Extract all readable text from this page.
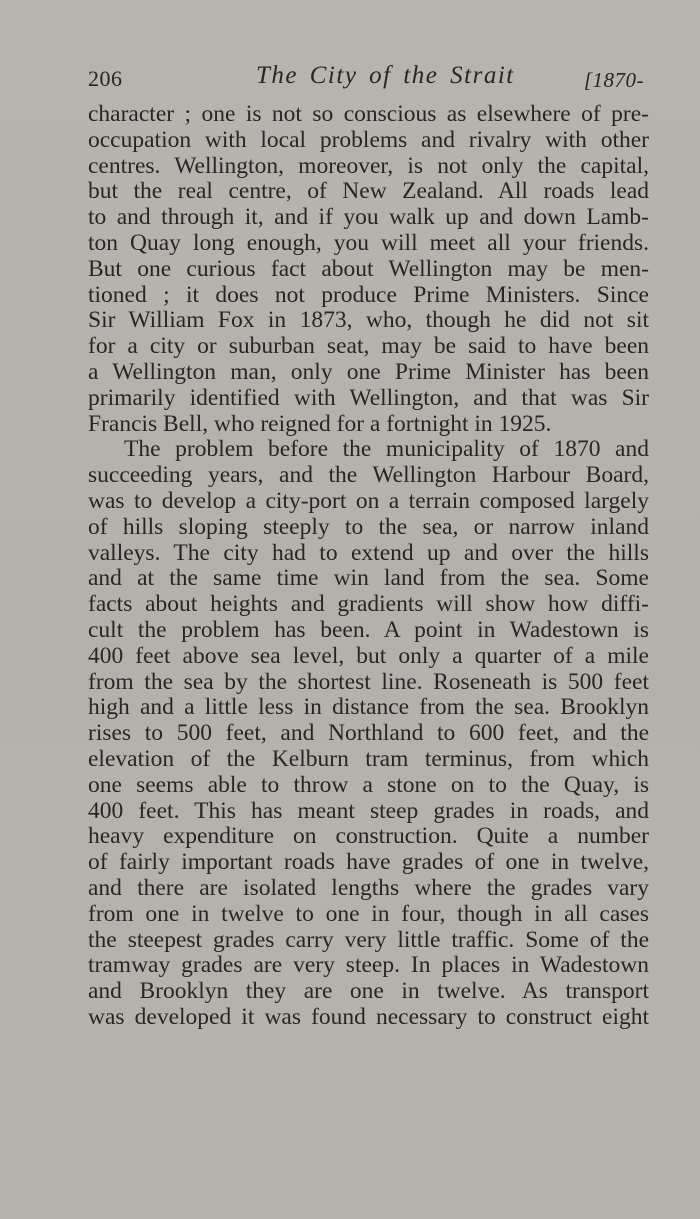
206	The City of the Strait	[1870-
character ; one is not so conscious as elsewhere of pre-
occupation with local problems and rivalry with other
centres. Wellington, moreover, is not only the capital,
but the real centre, of New Zealand. All roads lead
to and through it, and if you walk up and down Lamb-
ton Quay long enough, you will meet all your friends.
But one curious fact about Wellington may be men-
tioned ; it does not produce Prime Ministers. Since
Sir William Fox in 1873, who, though he did not sit
for a city or suburban seat, may be said to have been
a Wellington man, only one Prime Minister has been
primarily identified with Wellington, and that was Sir
Francis Bell, who reigned for a fortnight in 1925.
The problem before the municipality of 1870 and
succeeding years, and the Wellington Harbour Board,
was to develop a city-port on a terrain composed largely
of hills sloping steeply to the sea, or narrow inland
valleys. The city had to extend up and over the hills
and at the same time win land from the sea. Some
facts about heights and gradients will show how diffi-
cult the problem has been. A point in Wadestown is
400 feet above sea level, but only a quarter of a mile
from the sea by the shortest line. Roseneath is 500 feet
high and a little less in distance from the sea. Brooklyn
rises to 500 feet, and Northland to 600 feet, and the
elevation of the Kelburn tram terminus, from which
one seems able to throw a stone on to the Quay, is
400 feet. This has meant steep grades in roads, and
heavy expenditure on construction. Quite a number
of fairly important roads have grades of one in twelve,
and there are isolated lengths where the grades vary
from one in twelve to one in four, though in all cases
the steepest grades carry very little traffic. Some of the
tramway grades are very steep. In places in Wadestown
and Brooklyn they are one in twelve. As transport
was developed it was found necessary to construct eight
